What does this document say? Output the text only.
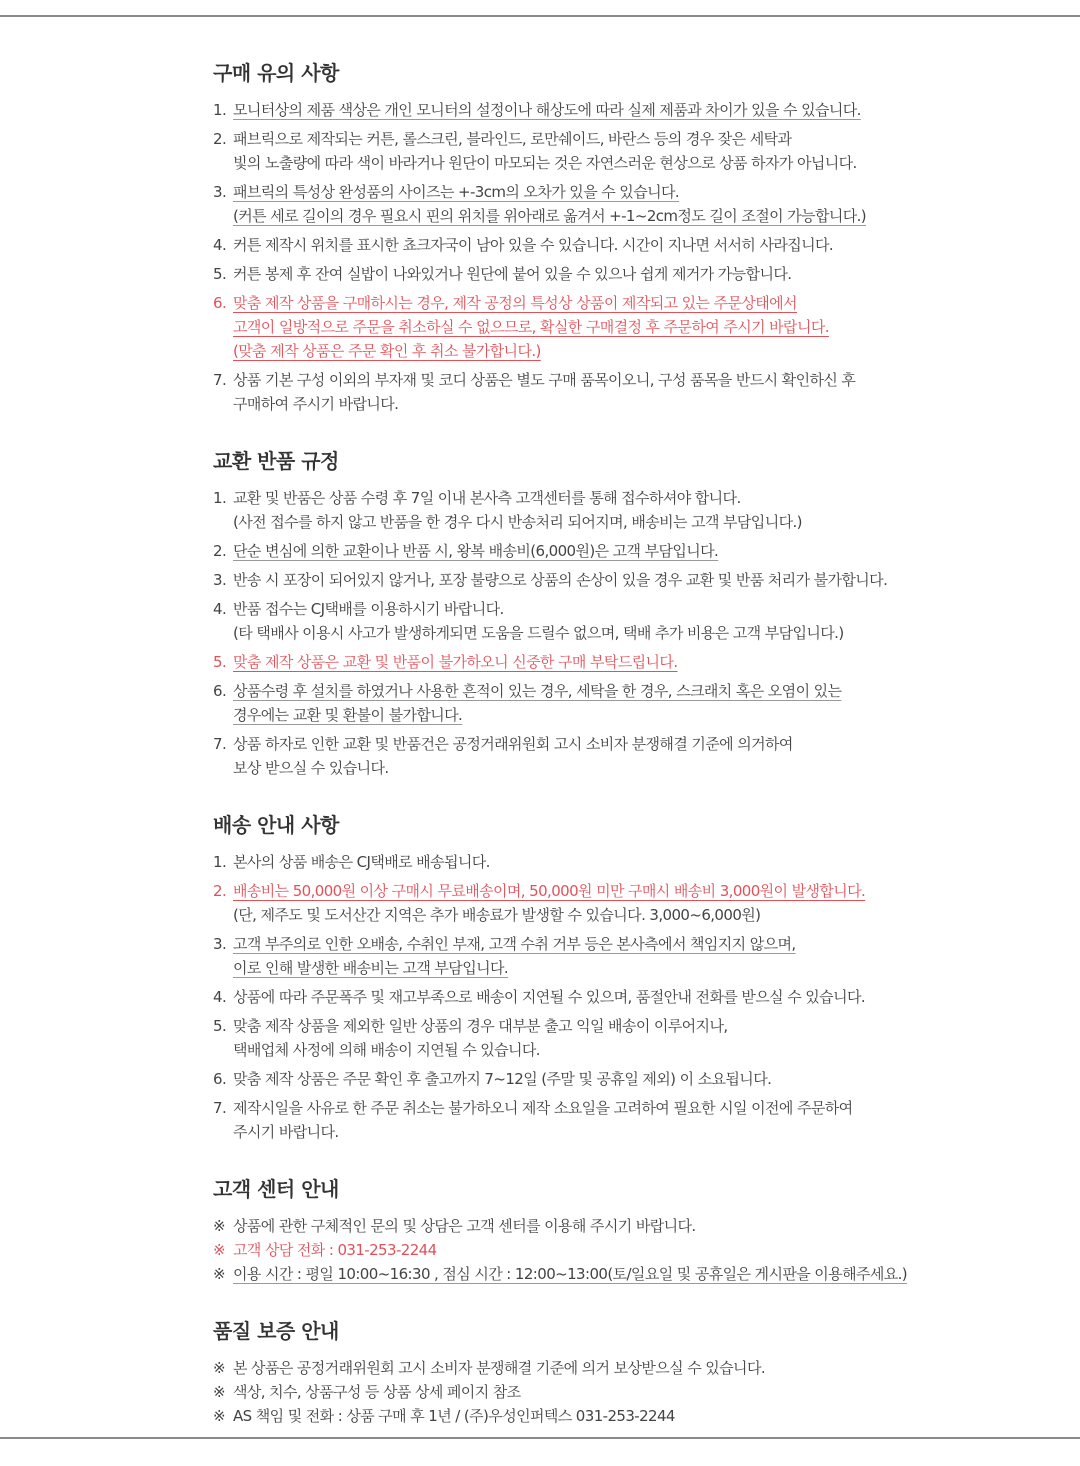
구매 유의 사항
1. 모니터상의 제품 색상은 개인 모니터의 설정이나 해상도에 따라 실제 제품과 차이가 있을 수 있습니다.
2. 패브릭으로 제작되는 커튼, 롤스크린, 블라인드, 로만쉐이드, 바란스 등의 경우 잦은 세탁과
빛의 노출량에 따라 색이 바라거나 원단이 마모되는 것은 자연스러운 현상으로 상품 하자가 아닙니다.
3. 패브릭의 특성상 완성품의 사이즈는 +-3cm의 오차가 있을 수 있습니다.
(커튼 세로 길이의 경우 필요시 핀의 위치를 위아래로 옮겨서 +-1~2cm정도 길이 조절이 가능합니다.)
4. 커튼 제작시 위치를 표시한 쵸크자국이 남아 있을 수 있습니다. 시간이 지나면 서서히 사라집니다.
5. 커튼 봉제 후 잔여 실밥이 나와있거나 원단에 붙어 있을 수 있으나 쉽게 제거가 가능합니다.
6. 맞춤 제작 상품을 구매하시는 경우, 제작 공정의 특성상 상품이 제작되고 있는 주문상태에서
고객이 일방적으로 주문을 취소하실 수 없으므로, 확실한 구매결정 후 주문하여 주시기 바랍니다.
(맞춤 제작 상품은 주문 확인 후 취소 불가합니다.)
7. 상품 기본 구성 이외의 부자재 및 코디 상품은 별도 구매 품목이오니, 구성 품목을 반드시 확인하신 후
구매하여 주시기 바랍니다.
교환 반품 규정
1. 교환 및 반품은 상품 수령 후 7일 이내 본사측 고객센터를 통해 접수하셔야 합니다.
(사전 접수를 하지 않고 반품을 한 경우 다시 반송처리 되어지며, 배송비는 고객 부담입니다.)
2. 단순 변심에 의한 교환이나 반품 시, 왕복 배송비(6,000원)은 고객 부담입니다.
3. 반송 시 포장이 되어있지 않거나, 포장 불량으로 상품의 손상이 있을 경우 교환 및 반품 처리가 불가합니다.
4. 반품 접수는 CJ택배를 이용하시기 바랍니다.
(타 택배사 이용시 사고가 발생하게되면 도움을 드릴수 없으며, 택배 추가 비용은 고객 부담입니다.)
5. 맞춤 제작 상품은 교환 및 반품이 불가하오니 신중한 구매 부탁드립니다.
6. 상품수령 후 설치를 하였거나 사용한 흔적이 있는 경우, 세탁을 한 경우, 스크래치 혹은 오염이 있는
경우에는 교환 및 환불이 불가합니다.
7. 상품 하자로 인한 교환 및 반품건은 공정거래위원회 고시 소비자 분쟁해결 기준에 의거하여
보상 받으실 수 있습니다.
배송 안내 사항
1. 본사의 상품 배송은 CJ택배로 배송됩니다.
2. 배송비는 50,000원 이상 구매시 무료배송이며, 50,000원 미만 구매시 배송비 3,000원이 발생합니다.
(단, 제주도 및 도서산간 지역은 추가 배송료가 발생할 수 있습니다. 3,000~6,000원)
3. 고객 부주의로 인한 오배송, 수취인 부재, 고객 수취 거부 등은 본사측에서 책임지지 않으며,
이로 인해 발생한 배송비는 고객 부담입니다.
4. 상품에 따라 주문폭주 및 재고부족으로 배송이 지연될 수 있으며, 품절안내 전화를 받으실 수 있습니다.
5. 맞춤 제작 상품을 제외한 일반 상품의 경우 대부분 출고 익일 배송이 이루어지나,
택배업체 사정에 의해 배송이 지연될 수 있습니다.
6. 맞춤 제작 상품은 주문 확인 후 출고까지 7~12일 (주말 및 공휴일 제외) 이 소요됩니다.
7. 제작시일을 사유로 한 주문 취소는 불가하오니 제작 소요일을 고려하여 필요한 시일 이전에 주문하여
주시기 바랍니다.
고객 센터 안내
※ 상품에 관한 구체적인 문의 및 상담은 고객 센터를 이용해 주시기 바랍니다.
※ 고객 상담 전화 : 031-253-2244
※ 이용 시간 : 평일 10:00~16:30 , 점심 시간 : 12:00~13:00(토/일요일 및 공휴일은 게시판을 이용해주세요.)
품질 보증 안내
※ 본 상품은 공정거래위원회 고시 소비자 분쟁해결 기준에 의거 보상받으실 수 있습니다.
※ 색상, 치수, 상품구성 등 상품 상세 페이지 참조
※ AS 책임 및 전화 : 상품 구매 후 1년 / (주)우성인퍼텍스 031-253-2244
